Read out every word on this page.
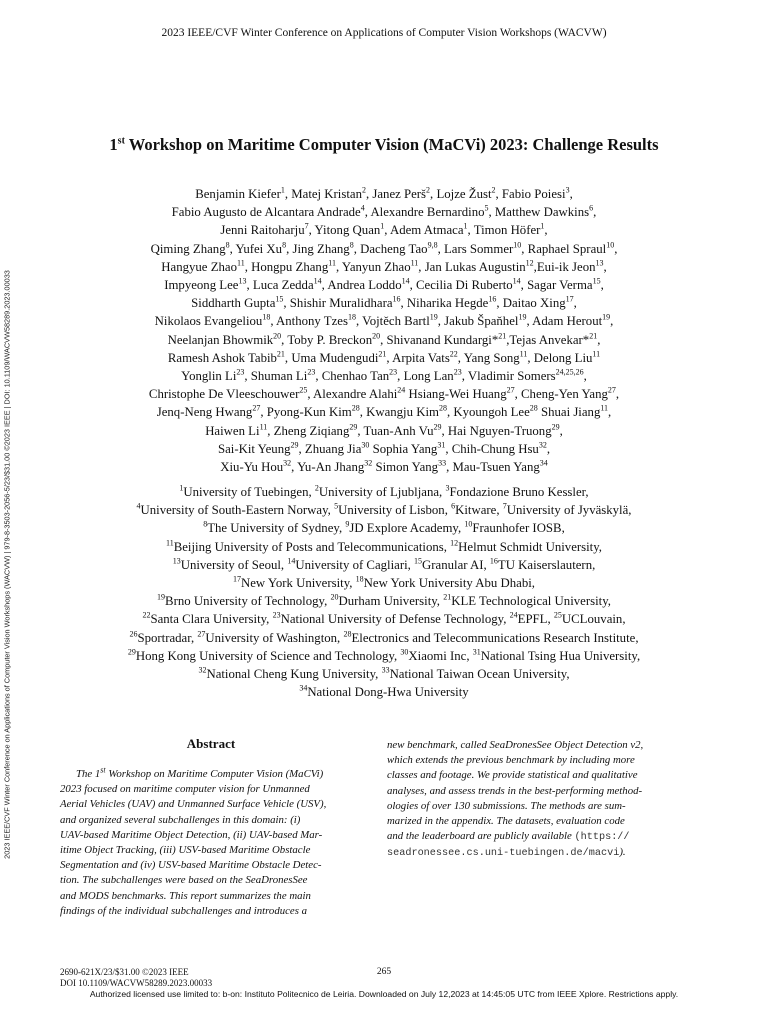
2023 IEEE/CVF Winter Conference on Applications of Computer Vision Workshops (WACVW)
2023 IEEE/CVF Winter Conference on Applications of Computer Vision Workshops (WACVW) | 979-8-3503-2056-5/23/$31.00 ©2023 IEEE | DOI: 10.1109/WACVW58289.2023.00033
1st Workshop on Maritime Computer Vision (MaCVi) 2023: Challenge Results
Benjamin Kiefer$^1$, Matej Kristan$^2$, Janez Perš$^2$, Lojze Žust$^2$, Fabio Poiesi$^3$,
Fabio Augusto de Alcantara Andrade$^4$, Alexandre Bernardino$^5$, Matthew Dawkins$^6$,
Jenni Raitoharju$^7$, Yitong Quan$^1$, Adem Atmaca$^1$, Timon Höfer$^1$,
Qiming Zhang$^8$, Yufei Xu$^8$, Jing Zhang$^8$, Dacheng Tao$^{9,8}$, Lars Sommer$^{10}$, Raphael Spraul$^{10}$,
Hangyue Zhao$^{11}$, Hongpu Zhang$^{11}$, Yanyun Zhao$^{11}$, Jan Lukas Augustin$^{12}$,Eui-ik Jeon$^{13}$,
Impyeong Lee$^{13}$, Luca Zedda$^{14}$, Andrea Loddo$^{14}$, Cecilia Di Ruberto$^{14}$, Sagar Verma$^{15}$,
Siddharth Gupta$^{15}$, Shishir Muralidhara$^{16}$, Niharika Hegde$^{16}$, Daitao Xing$^{17}$,
Nikolaos Evangeliou$^{18}$, Anthony Tzes$^{18}$, Vojtěch Bartl$^{19}$, Jakub Špaňhel$^{19}$, Adam Herout$^{19}$,
Neelanjan Bhowmik$^{20}$, Toby P. Breckon$^{20}$, Shivanand Kundargi*$^{21}$,Tejas Anvekar*$^{21}$,
Ramesh Ashok Tabib$^{21}$, Uma Mudengudi$^{21}$, Arpita Vats$^{22}$, Yang Song$^{11}$, Delong Liu$^{11}$
Yonglin Li$^{23}$, Shuman Li$^{23}$, Chenhao Tan$^{23}$, Long Lan$^{23}$, Vladimir Somers$^{24,25,26}$,
Christophe De Vleeschouwer$^{25}$, Alexandre Alahi$^{24}$ Hsiang-Wei Huang$^{27}$, Cheng-Yen Yang$^{27}$,
Jenq-Neng Hwang$^{27}$, Pyong-Kun Kim$^{28}$, Kwangju Kim$^{28}$, Kyoungoh Lee$^{28}$ Shuai Jiang$^{11}$,
Haiwen Li$^{11}$, Zheng Ziqiang$^{29}$, Tuan-Anh Vu$^{29}$, Hai Nguyen-Truong$^{29}$,
Sai-Kit Yeung$^{29}$, Zhuang Jia$^{30}$ Sophia Yang$^{31}$, Chih-Chung Hsu$^{32}$,
Xiu-Yu Hou$^{32}$, Yu-An Jhang$^{32}$ Simon Yang$^{33}$, Mau-Tsuen Yang$^{34}$
$^1$University of Tuebingen, $^2$University of Ljubljana, $^3$Fondazione Bruno Kessler,
$^4$University of South-Eastern Norway, $^5$University of Lisbon, $^6$Kitware, $^7$University of Jyväskylä,
$^8$The University of Sydney, $^9$JD Explore Academy, $^{10}$Fraunhofer IOSB,
$^{11}$Beijing University of Posts and Telecommunications, $^{12}$Helmut Schmidt University,
$^{13}$University of Seoul, $^{14}$University of Cagliari, $^{15}$Granular AI, $^{16}$TU Kaiserslautern,
$^{17}$New York University, $^{18}$New York University Abu Dhabi,
$^{19}$Brno University of Technology, $^{20}$Durham University, $^{21}$KLE Technological University,
$^{22}$Santa Clara University, $^{23}$National University of Defense Technology, $^{24}$EPFL, $^{25}$UCLouvain,
$^{26}$Sportradar, $^{27}$University of Washington, $^{28}$Electronics and Telecommunications Research Institute,
$^{29}$Hong Kong University of Science and Technology, $^{30}$Xiaomi Inc, $^{31}$National Tsing Hua University,
$^{32}$National Cheng Kung University, $^{33}$National Taiwan Ocean University,
$^{34}$National Dong-Hwa University
Abstract
The 1st Workshop on Maritime Computer Vision (MaCVi)
2023 focused on maritime computer vision for Unmanned
Aerial Vehicles (UAV) and Unmanned Surface Vehicle (USV),
and organized several subchallenges in this domain: (i)
UAV-based Maritime Object Detection, (ii) UAV-based Mar-
itime Object Tracking, (iii) USV-based Maritime Obstacle
Segmentation and (iv) USV-based Maritime Obstacle Detec-
tion. The subchallenges were based on the SeaDronesSee
and MODS benchmarks. This report summarizes the main
findings of the individual subchallenges and introduces a
new benchmark, called SeaDronesSee Object Detection v2,
which extends the previous benchmark by including more
classes and footage. We provide statistical and qualitative
analyses, and assess trends in the best-performing method-
ologies of over 130 submissions. The methods are sum-
marized in the appendix. The datasets, evaluation code
and the leaderboard are publicly available (https://
seadronessee.cs.uni-tuebingen.de/macvi).
2690-621X/23/$31.00 ©2023 IEEE
DOI 10.1109/WACVW58289.2023.00033
265
Authorized licensed use limited to: b-on: Instituto Politecnico de Leiria. Downloaded on July 12,2023 at 14:45:05 UTC from IEEE Xplore. Restrictions apply.
